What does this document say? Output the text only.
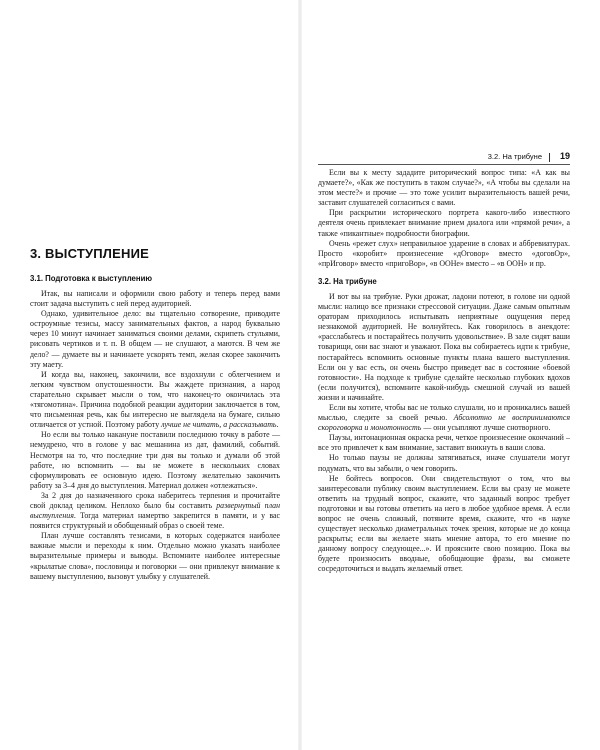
3. ВЫСТУПЛЕНИЕ
3.1. Подготовка к выступлению

Итак, вы написали и оформили свою работу и теперь перед вами стоит задача выступить с ней перед аудиторией.

Однако, удивительное дело: вы тщательно сотворение, приводите остроумные тезисы, массу занимательных фактов, а народ буквально через 10 минут начинает заниматься своими делами, скрипеть стульями, рисовать чертиков и т. п. В общем — не слушают, а маются. В чем же дело? — думаете вы и начинаете ускорять темп, желая скорее закончить эту маету.

И когда вы, наконец, закончили, все вздохнули с облегчением и легким чувством опустошенности. Вы жаждете признания, а народ старательно скрывает мысли о том, что наконец-то окончилась эта «тягомотина». Причина подобной реакции аудитории заключается в том, что письменная речь, как бы интересно не выглядела на бумаге, сильно отличается от устной. Поэтому работу лучше не читать, а рассказывать.

Но если вы только накануне поставили последнюю точку в работе — немудрено, что в голове у вас мешанина из дат, фамилий, событий. Несмотря на то, что последние три дня вы только и думали об этой работе, но вспомнить — вы не можете в нескольких словах сформулировать ее основную идею. Поэтому желательно закончить работу за 3–4 дня до выступления. Материал должен «отлежаться».

За 2 дня до назначенного срока наберитесь терпения и прочитайте свой доклад целиком. Неплохо было бы составить развернутый план выступления. Тогда материал намертво закрепится в памяти, и у вас появится структурный и обобщенный образ о своей теме.

План лучше составлять тезисами, в которых содержатся наиболее важные мысли и переходы к ним. Отдельно можно указать наиболее выразительные примеры и выводы. Вспомните наиболее интересные «крылатые слова», пословицы и поговорки — они привлекут внимание к вашему выступлению, вызовут улыбку у слушателей.

3.2. На трибуне 19

Если вы к месту зададите риторический вопрос типа: «А как вы думаете?», «Как же поступить в таком случае?», «А чтобы вы сделали на этом месте?» и прочие — это тоже усилит выразительность вашей речи, заставит слушателей согласиться с вами.

При раскрытии исторического портрета какого-либо известного деятеля очень привлекает внимание прием диалога или «прямой речи», а также «пикантные» подробности биографии.

Очень «режет слух» неправильное ударение в словах и аббревиатурах. Просто «коробит» произнесение «дОговор» вместо «договОр», «прИговор» вместо «пригоВор», «в ООНе» вместо – «в ООН» и пр.

3.2. На трибуне

И вот вы на трибуне. Руки дрожат, ладони потеют, в голове ни одной мысли: налицо все признаки стрессовой ситуации. Даже самым опытным ораторам приходилось испытывать неприятные ощущения перед незнакомой аудиторией. Не волнуйтесь. Как говорилось в анекдоте: «расслабьтесь и постарайтесь получить удовольствие». В зале сидят ваши товарищи, они вас знают и уважают. Пока вы собираетесь идти к трибуне, постарайтесь вспомнить основные пункты плана вашего выступления. Если он у вас есть, он очень быстро приведет вас в состояние «боевой готовности». На подходе к трибуне сделайте несколько глубоких вдохов (если получится), вспомните какой-нибудь смешной случай из вашей жизни и начинайте.

Если вы хотите, чтобы вас не только слушали, но и проникались вашей мыслью, следите за своей речью. Абсолютно не воспринимаются скороговорка и монотонность — они усыпляют лучше снотворного.

Паузы, интонационная окраска речи, четкое произнесение окончаний – все это привлечет к вам внимание, заставит вникнуть в ваши слова.

Но только паузы не должны затягиваться, иначе слушатели могут подумать, что вы забыли, о чем говорить.

Не бойтесь вопросов. Они свидетельствуют о том, что вы заинтересовали публику своим выступлением. Если вы сразу не можете ответить на трудный вопрос, скажите, что заданный вопрос требует подготовки и вы готовы ответить на него в любое удобное время. А если вопрос не очень сложный, потяните время, скажите, что «в науке существует несколько диаметральных точек зрения, которые не до конца раскрыты; если вы желаете знать мнение автора, то его мнение по данному вопросу следующее...». И проясните свою позицию. Пока вы будете произносить вводные, обобщающие фразы, вы сможете сосредоточиться и выдать желаемый ответ.
